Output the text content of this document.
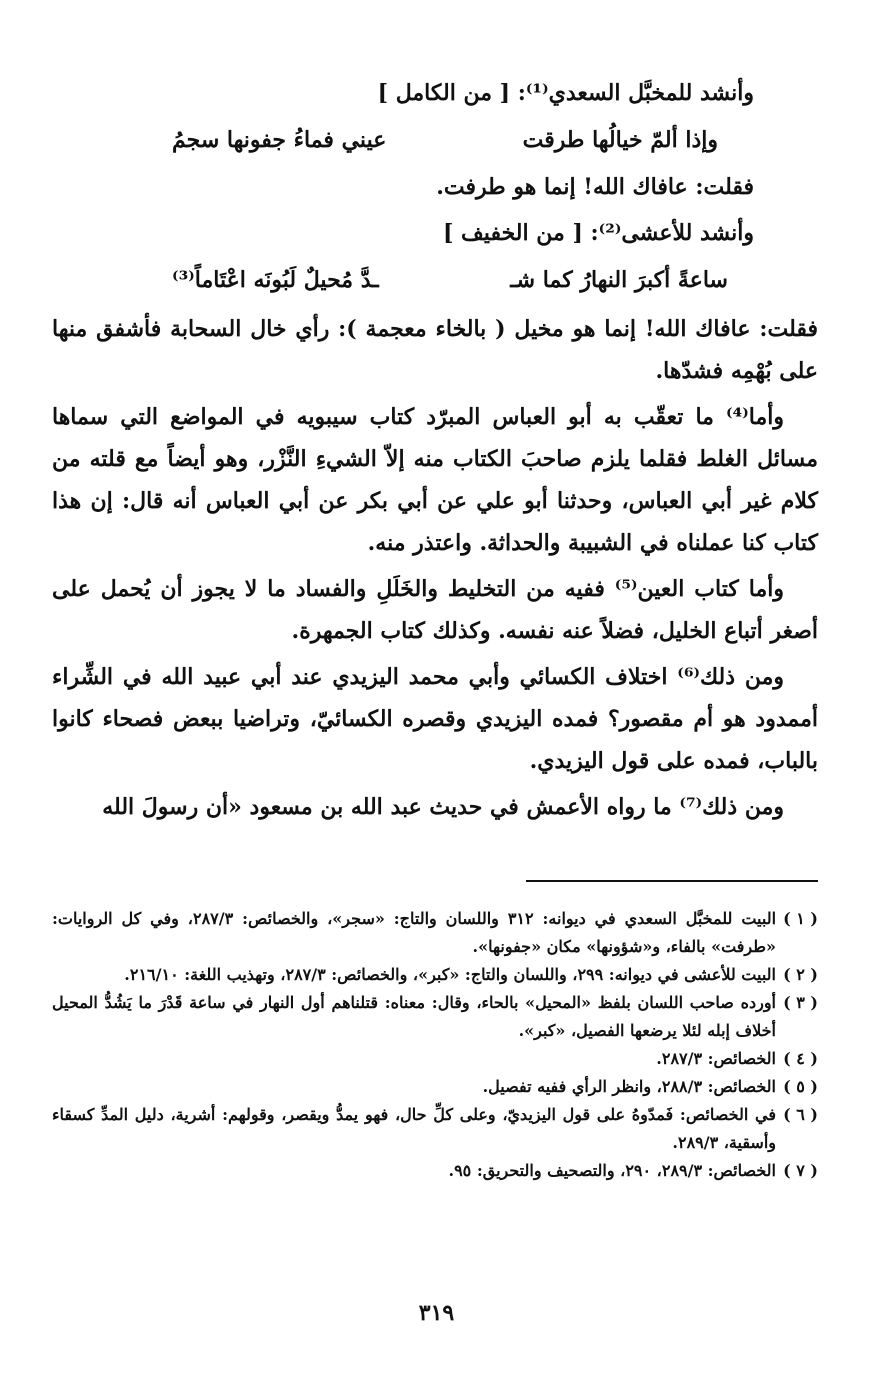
وأنشد للمخبَّل السعدي⁽¹⁾: [ من الكامل ]

وإذا ألمّ خيالُها طرقت
عيني فماءُ جفونها سجمُ

فقلت: عافاك الله! إنما هو طرفت.

وأنشد للأعشى⁽²⁾: [ من الخفيف ]

ساعةً أكبرَ النهارُ كما شـ
ـدَّ مُحيلٌ لَبُونَه اعْتَاماً⁽³⁾

فقلت: عافاك الله! إنما هو مخيل ( بالخاء معجمة ): رأي خال السحابة فأشفق منها على بُهْمِه فشدّها.

وأما⁽⁴⁾ ما تعقّب به أبو العباس المبرّد كتاب سيبويه في المواضع التي سماها مسائل الغلط فقلما يلزم صاحبَ الكتاب منه إلاّ الشيءِ النَّزْر، وهو أيضاً مع قلته من كلام غير أبي العباس، وحدثنا أبو علي عن أبي بكر عن أبي العباس أنه قال: إن هذا كتاب كنا عملناه في الشبيبة والحداثة. واعتذر منه.

وأما كتاب العين⁽⁵⁾ ففيه من التخليط والخَلَلِ والفساد ما لا يجوز أن يُحمل على أصغر أتباع الخليل، فضلاً عنه نفسه. وكذلك كتاب الجمهرة.

ومن ذلك⁽⁶⁾ اختلاف الكسائي وأبي محمد اليزيدي عند أبي عبيد الله في الشِّراء أممدود هو أم مقصور؟ فمده اليزيدي وقصره الكسائيّ، وتراضيا ببعض فصحاء كانوا بالباب، فمده على قول اليزيدي.

ومن ذلك⁽⁷⁾ ما رواه الأعمش في حديث عبد الله بن مسعود «أن رسولَ الله

( ١ )
البيت للمخبَّل السعدي في ديوانه: ٣١٢ واللسان والتاج: «سجر»، والخصائص: ٢٨٧/٣، وفي كل الروايات: «طرفت» بالفاء، و«شؤونها» مكان «جفونها».
( ٢ )
البيت للأعشى في ديوانه: ٢٩٩، واللسان والتاج: «كبر»، والخصائص: ٢٨٧/٣، وتهذيب اللغة: ٢١٦/١٠.
( ٣ )
أورده صاحب اللسان بلفظ «المحيل» بالحاء، وقال: معناه: قتلناهم أول النهار في ساعة قَدْرَ ما يَشُدُّ المحيل أخلاف إبله لئلا يرضعها الفصيل، «كبر».
( ٤ )
الخصائص: ٢٨٧/٣.
( ٥ )
الخصائص: ٢٨٨/٣، وانظر الرأي ففيه تفصيل.
( ٦ )
في الخصائص: فَمدّوهُ على قول اليزيديّ، وعلى كلِّ حال، فهو يمدُّ ويقصر، وقولهم: أشرية، دليل المدِّ كسقاء وأسقية، ٢٨٩/٣.
( ٧ )
الخصائص: ٢٨٩/٣، ٢٩٠، والتصحيف والتحريق: ٩٥.
٣١٩
